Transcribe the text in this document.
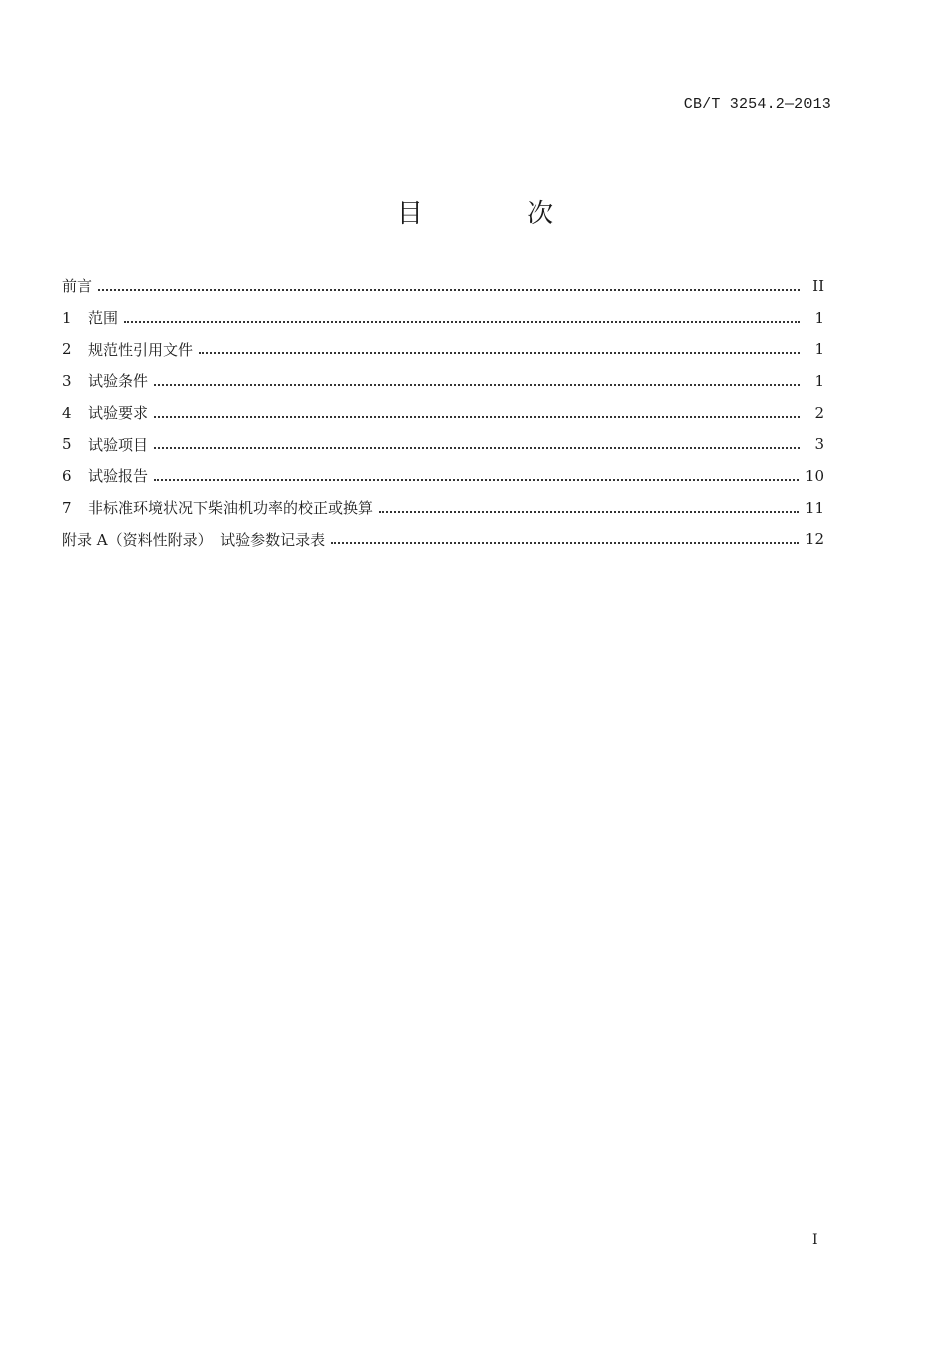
CB/T 3254.2—2013
目 次
前言	II
1	范围	1
2	规范性引用文件	1
3	试验条件	1
4	试验要求	2
5	试验项目	3
6	试验报告	10
7	非标准环境状况下柴油机功率的校正或换算	11
附录 A（资料性附录）　试验参数记录表	12
I
